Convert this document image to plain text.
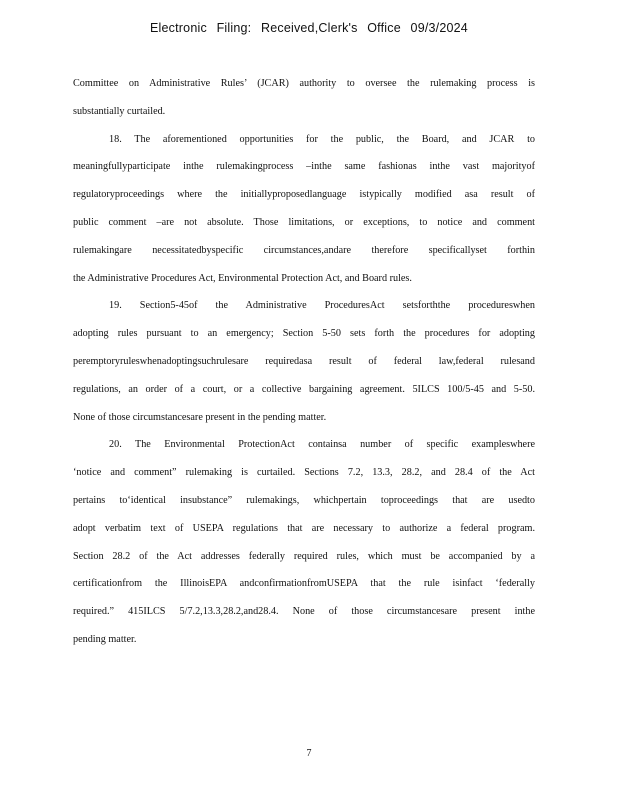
Electronic Filing: Received,Clerk's Office 09/3/2024
Committee on Administrative Rules’ (JCAR) authority to oversee the rulemaking process is
substantially curtailed.
18. The aforementioned opportunities for the public, the Board, and JCAR to
meaningfullyparticipate inthe rulemakingprocess –inthe same fashionas inthe vast majorityof
regulatoryproceedings where the initiallyproposedlanguage istypically modified asa result of
public comment –are not absolute. Those limitations, or exceptions, to notice and comment
rulemakingare necessitatedbyspecific circumstances,andare therefore specificallyset forthin
the Administrative Procedures Act, Environmental Protection Act, and Board rules.
19. Section5-45of the Administrative ProceduresAct setsforththe procedureswhen
adopting rules pursuant to an emergency; Section 5-50 sets forth the procedures for adopting
peremptoryruleswhenadoptingsuchrulesare requiredasa result of federal law,federal rulesand
regulations, an order of a court, or a collective bargaining agreement. 5ILCS 100/5-45 and 5-50.
None of those circumstancesare present in the pending matter.
20. The Environmental ProtectionAct containsa number of specific exampleswhere
‘notice and comment” rulemaking is curtailed. Sections 7.2, 13.3, 28.2, and 28.4 of the Act
pertains to‘identical insubstance” rulemakings, whichpertain toproceedings that are usedto
adopt verbatim text of USEPA regulations that are necessary to authorize a federal program.
Section 28.2 of the Act addresses federally required rules, which must be accompanied by a
certificationfrom the IllinoisEPA andconfirmationfromUSEPA that the rule isinfact ‘federally
required.” 415ILCS 5/7.2,13.3,28.2,and28.4. None of those circumstancesare present inthe
pending matter.
7
